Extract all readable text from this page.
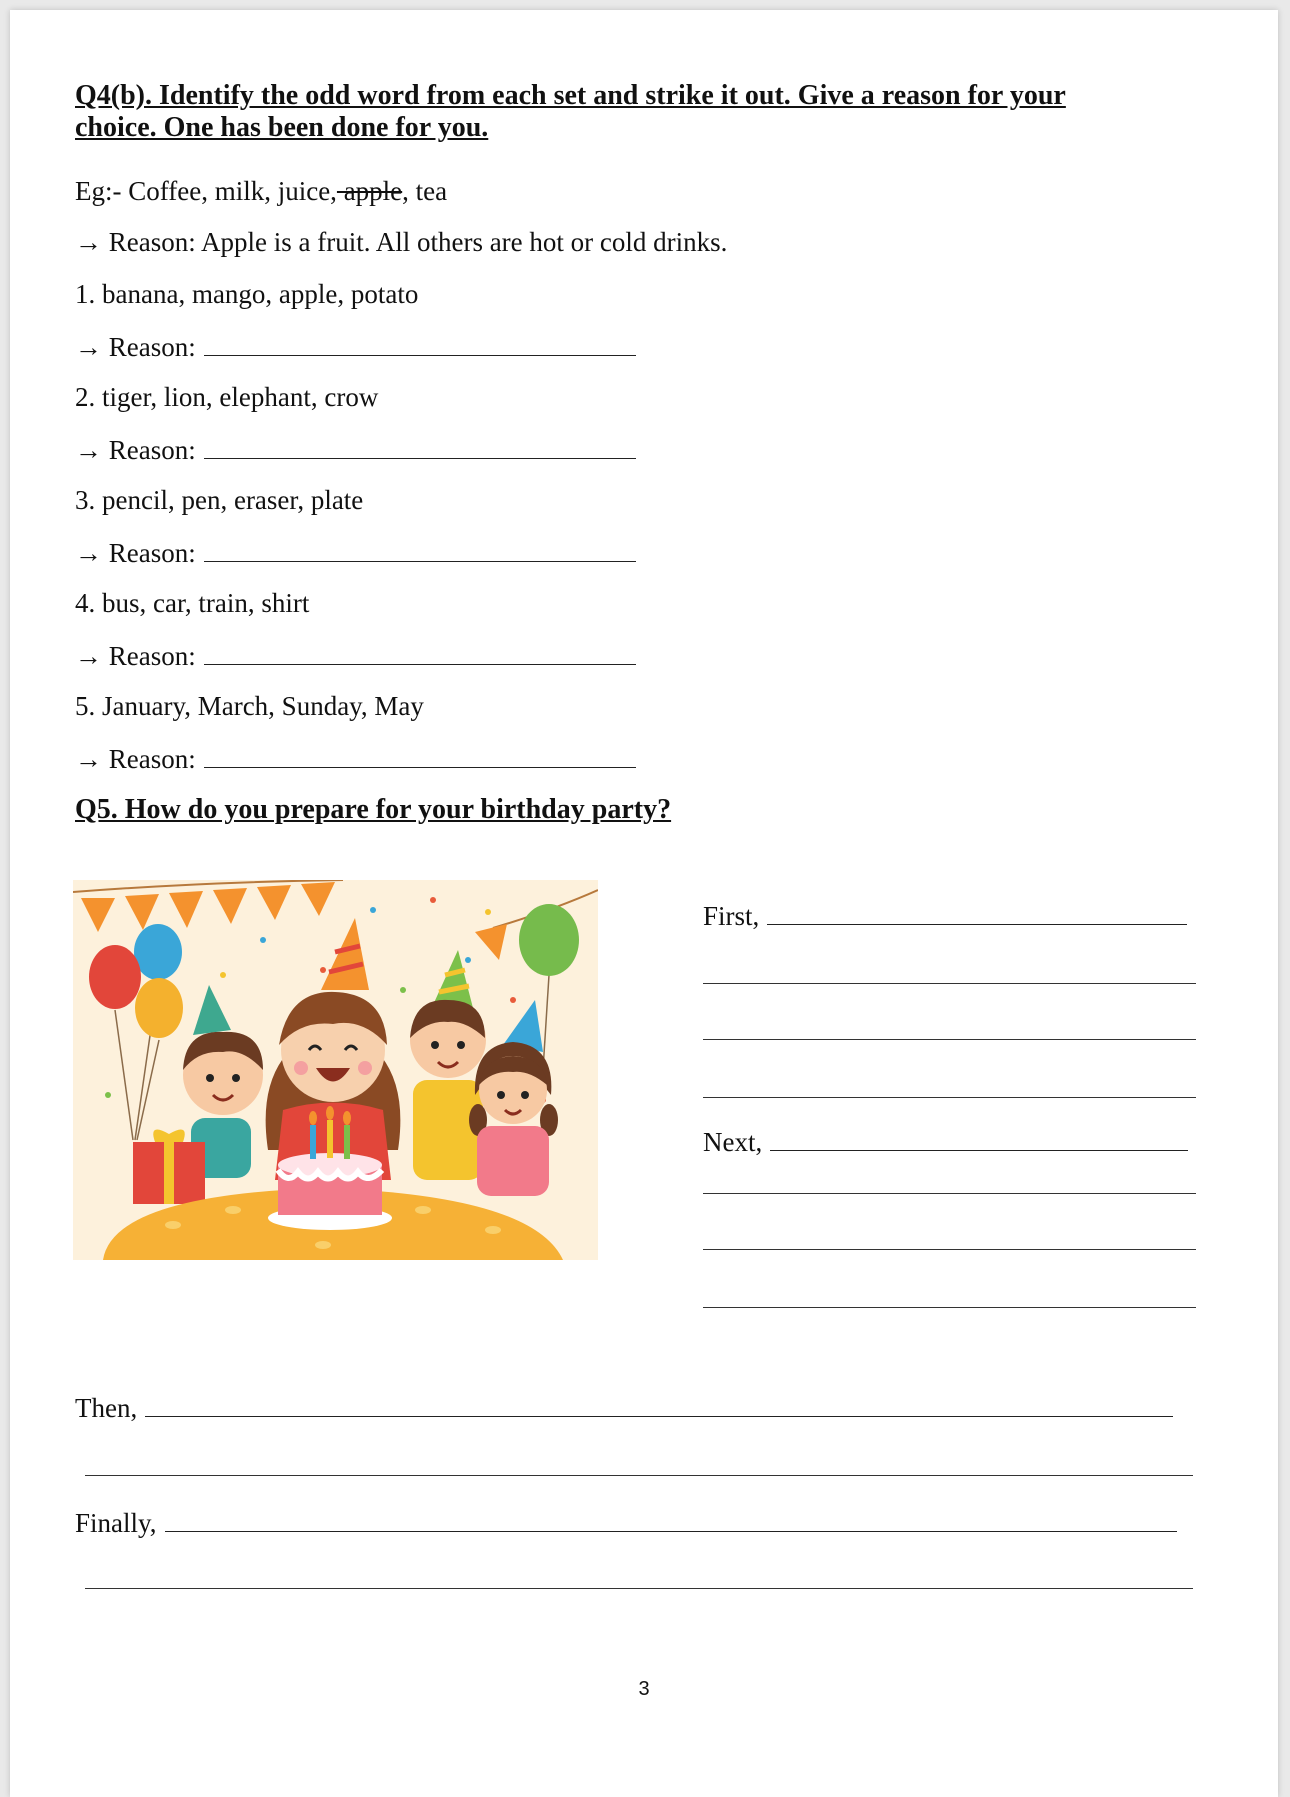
Q4(b). Identify the odd word from each set and strike it out. Give a reason for your
choice. One has been done for you.
Eg:- Coffee, milk, juice, apple, tea
→ Reason: Apple is a fruit. All others are hot or cold drinks.
1. banana, mango, apple, potato
→ Reason:
2. tiger, lion, elephant, crow
→ Reason:
3. pencil, pen, eraser, plate
→ Reason:
4. bus, car, train, shirt
→ Reason:
5. January, March, Sunday, May
→ Reason:
Q5. How do you prepare for your birthday party?
First,
Next,
Then,
Finally,
3
